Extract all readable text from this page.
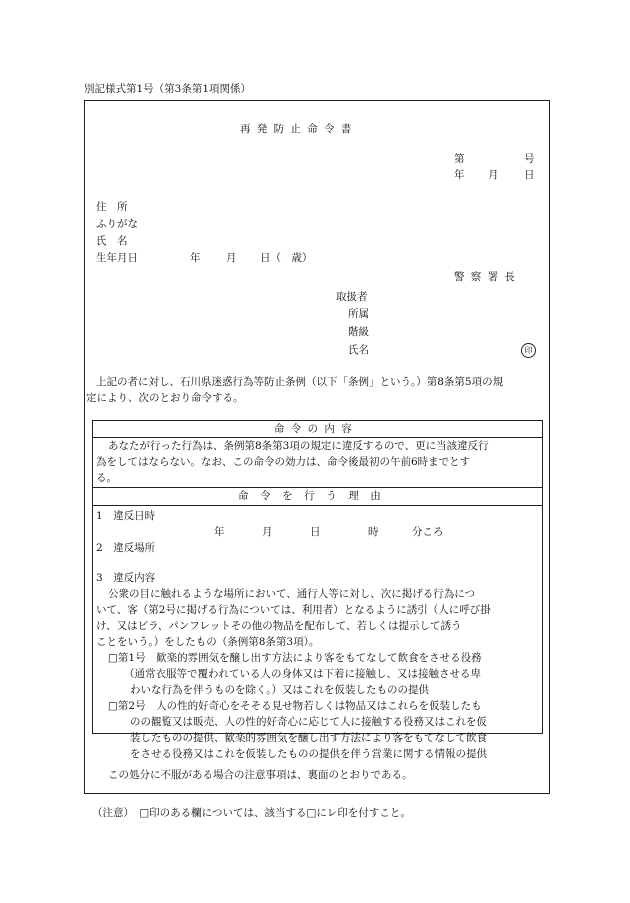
別記様式第1号（第3条第1項関係）
再発防止命令書
第	号
年 月 日
住　所
ふりがな
氏　名
生年月日	年 月 日（　歳）
警察署長
取扱者
所属
階級
氏名	印
上記の者に対し、石川県迷惑行為等防止条例（以下「条例」という。）第8条第5項の規
定により、次のとおり命令する。
命令の内容
あなたが行った行為は、条例第8条第3項の規定に違反するので、更に当該違反行
為をしてはならない。なお、この命令の効力は、命令後最初の午前6時までとす
る。
命令を行う理由
1　違反日時
年	月	日	時	分ころ
2　違反場所
3　違反内容
公衆の目に触れるような場所において、通行人等に対し、次に掲げる行為につ
いて、客（第2号に掲げる行為については、利用者）となるように誘引（人に呼び掛
け、又はビラ、パンフレットその他の物品を配布して、若しくは提示して誘う
ことをいう。）をしたもの（条例第8条第3項）。
□第1号　歓楽的雰囲気を醸し出す方法により客をもてなして飲食をさせる役務
（通常衣服等で覆われている人の身体又は下着に接触し、又は接触させる卑
わいな行為を伴うものを除く。）又はこれを仮装したものの提供
□第2号　人の性的好奇心をそそる見せ物若しくは物品又はこれらを仮装したも
のの観覧又は販売、人の性的好奇心に応じて人に接触する役務又はこれを仮
装したものの提供、歓楽的雰囲気を醸し出す方法により客をもてなして飲食
をさせる役務又はこれを仮装したものの提供を伴う営業に関する情報の提供
この処分に不服がある場合の注意事項は、裏面のとおりである。
（注意）　□印のある欄については、該当する□にレ印を付すこと。
